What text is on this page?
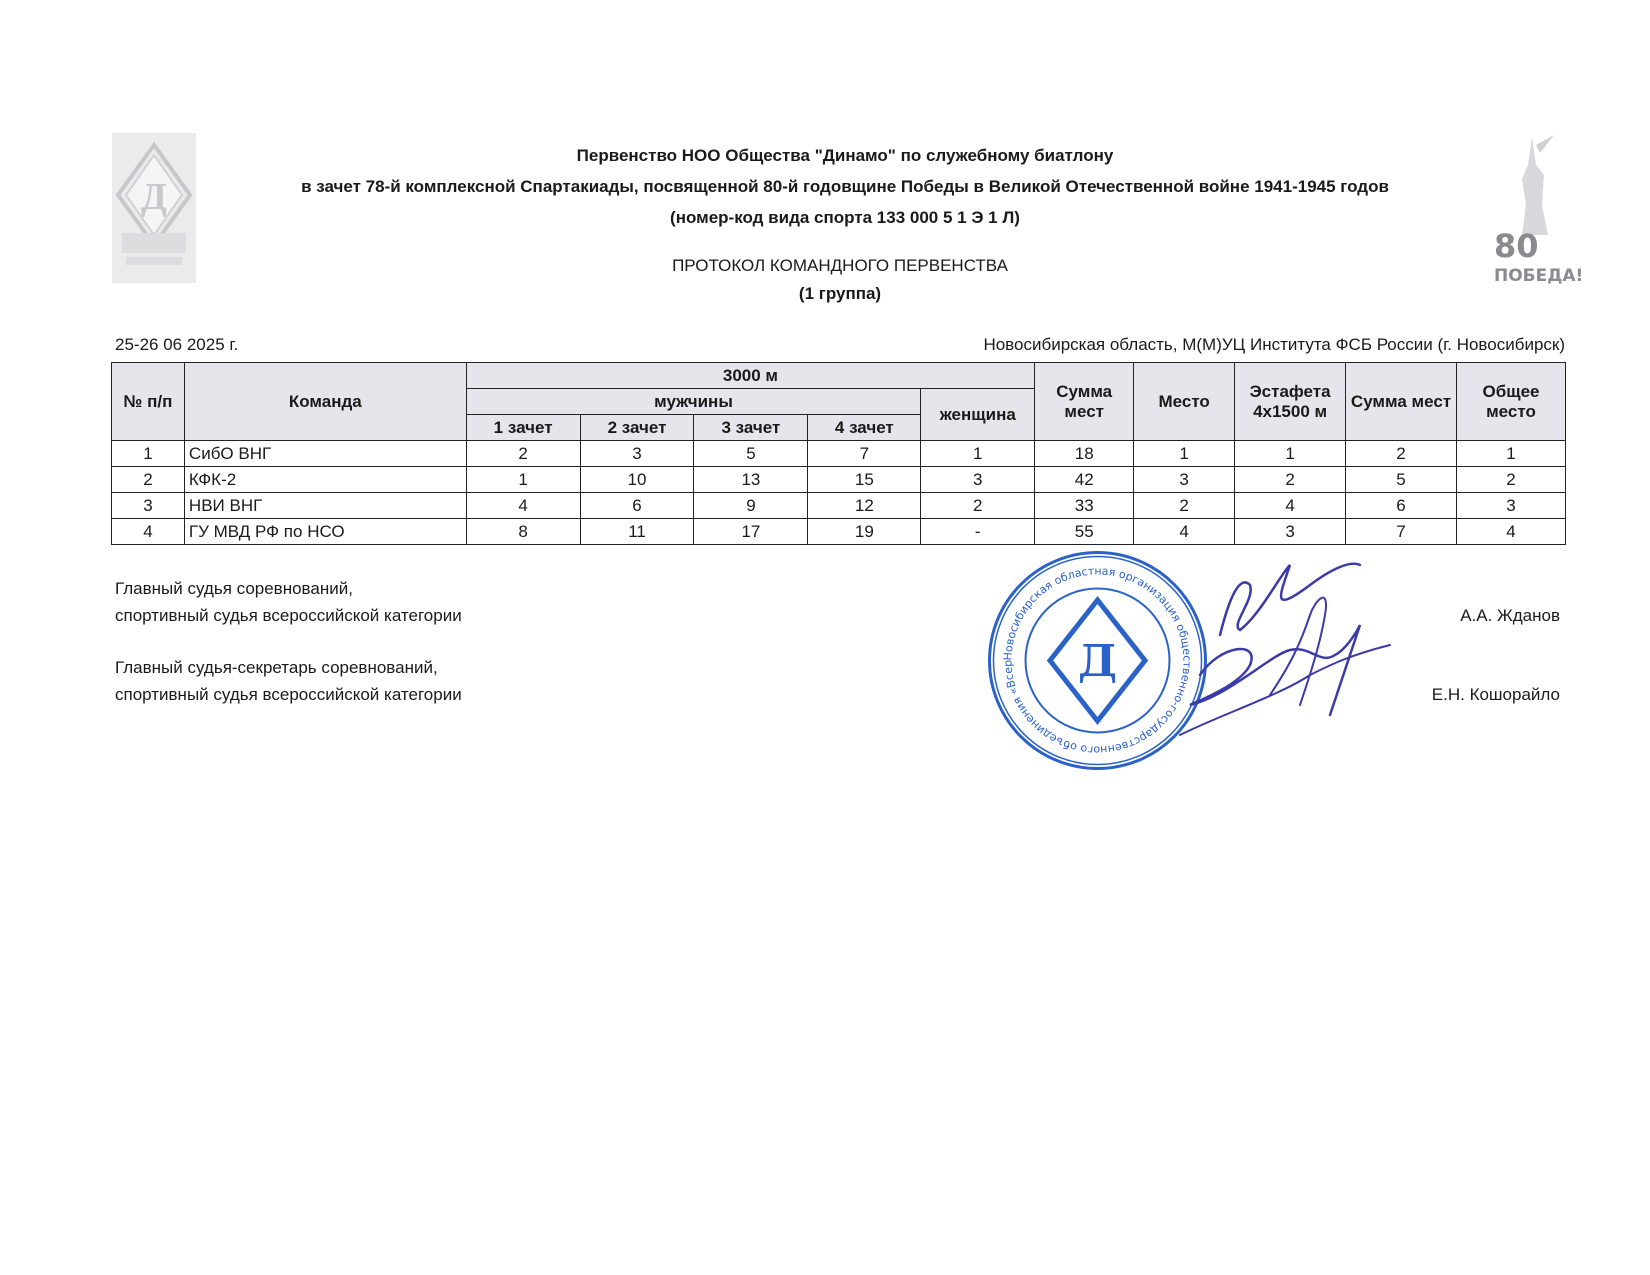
Д
80
ПОБЕДА!
Первенство НОО Общества "Динамо" по служебному биатлону
в зачет 78-й комплексной Спартакиады, посвященной 80-й годовщине Победы в Великой Отечественной войне 1941-1945 годов
(номер-код вида спорта 133 000 5 1 Э 1 Л)
ПРОТОКОЛ КОМАНДНОГО ПЕРВЕНСТВА
(1 группа)
25-26 06 2025 г.	Новосибирская область, М(М)УЦ Института ФСБ России (г. Новосибирск)
№ п/п	Команда	3000 м					Сумма мест	Место	Эстафета 4х1500 м	Сумма мест	Общее место
		мужчины				женщина					
		1 зачет	2 зачет	3 зачет	4 зачет						
1	СибО ВНГ	2	3	5	7	1	18	1	1	2	1
2	КФК-2	1	10	13	15	3	42	3	2	5	2
3	НВИ ВНГ	4	6	9	12	2	33	2	4	6	3
4	ГУ МВД РФ по НСО	8	11	17	19	-	55	4	3	7	4
Главный судья соревнований,
спортивный судья всероссийской категории
Главный судья-секретарь соревнований,
спортивный судья всероссийской категории
А.А. Жданов
Е.Н. Кошорайло
Новосибирская областная организация общественно-государственного объединения «Всер	Д
